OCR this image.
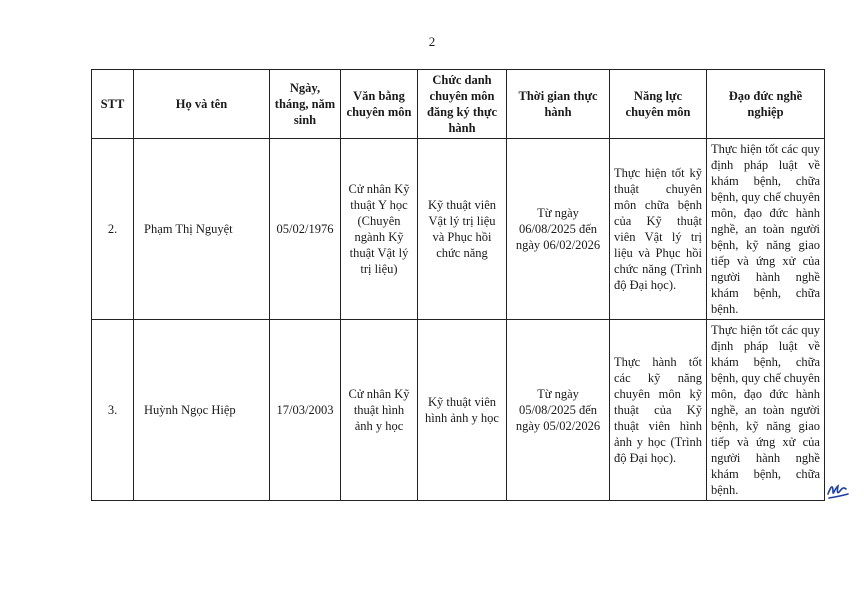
2
STT	Họ và tên	Ngày, tháng, năm sinh	Văn bằng chuyên môn	Chức danh chuyên môn đăng ký thực hành	Thời gian thực hành	Năng lực chuyên môn	Đạo đức nghề nghiệp
2.	Phạm Thị Nguyệt	05/02/1976	Cử nhân Kỹ thuật Y học (Chuyên ngành Kỹ thuật Vật lý trị liệu)	Kỹ thuật viên Vật lý trị liệu và Phục hồi chức năng	Từ ngày 06/08/2025 đến ngày 06/02/2026	Thực hiện tốt kỹ thuật chuyên môn chữa bệnh của Kỹ thuật viên Vật lý trị liệu và Phục hồi chức năng (Trình độ Đại học).	Thực hiện tốt các quy định pháp luật về khám bệnh, chữa bệnh, quy chế chuyên môn, đạo đức hành nghề, an toàn người bệnh, kỹ năng giao tiếp và ứng xử của người hành nghề khám bệnh, chữa bệnh.
3.	Huỳnh Ngọc Hiệp	17/03/2003	Cử nhân Kỹ thuật hình ảnh y học	Kỹ thuật viên hình ảnh y học	Từ ngày 05/08/2025 đến ngày 05/02/2026	Thực hành tốt các kỹ năng chuyên môn kỹ thuật của Kỹ thuật viên hình ảnh y học (Trình độ Đại học).	Thực hiện tốt các quy định pháp luật về khám bệnh, chữa bệnh, quy chế chuyên môn, đạo đức hành nghề, an toàn người bệnh, kỹ năng giao tiếp và ứng xử của người hành nghề khám bệnh, chữa bệnh.
